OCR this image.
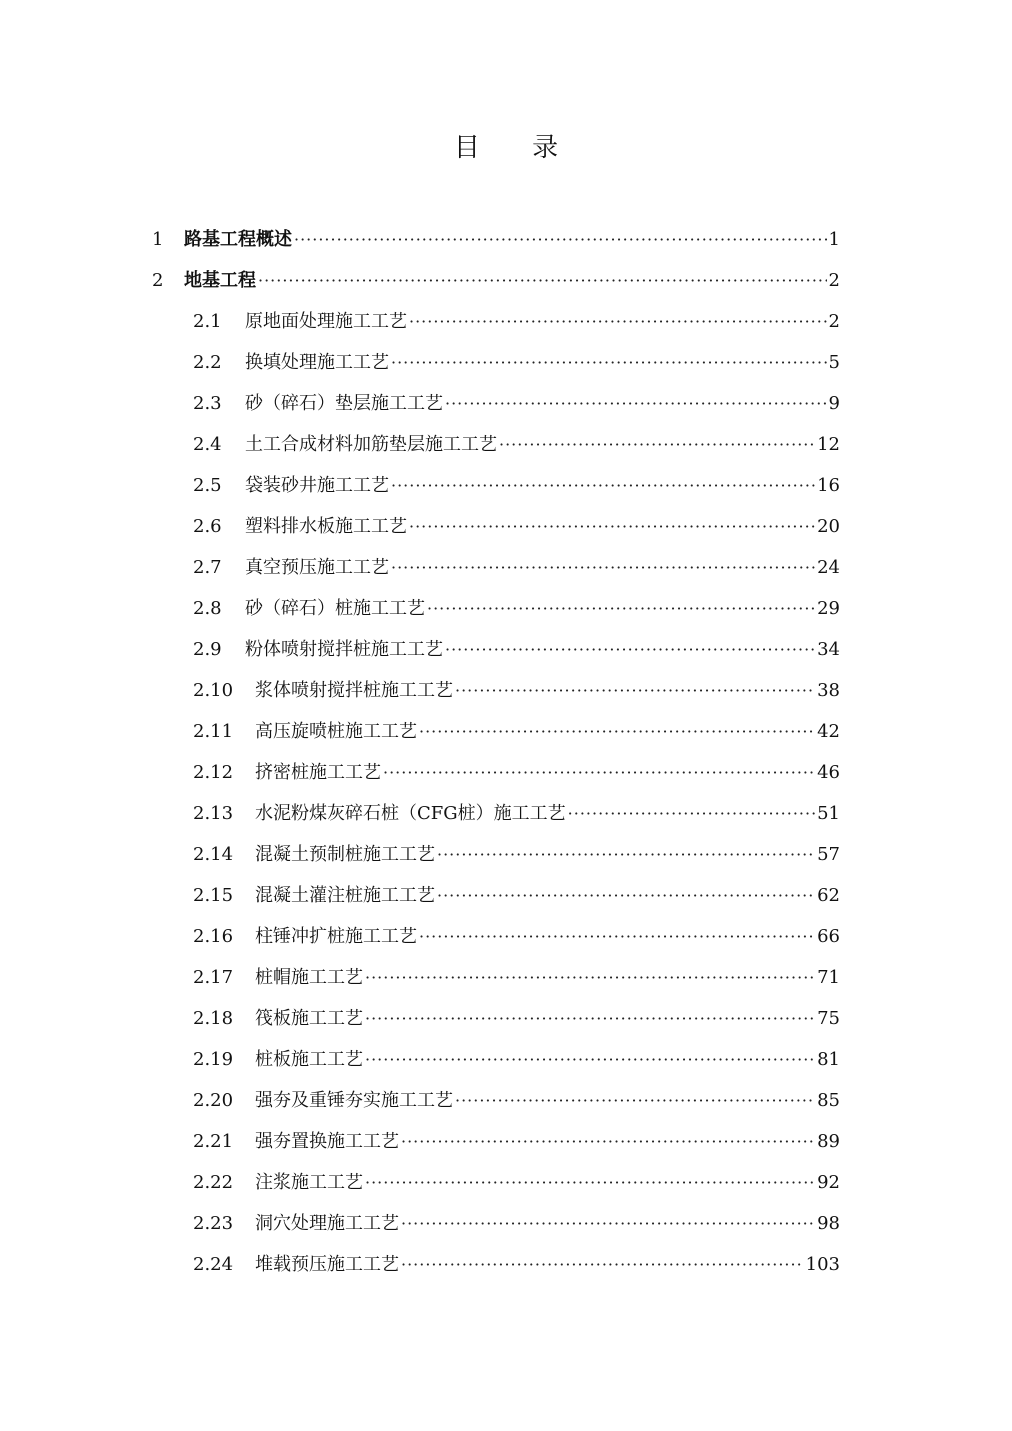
目 录
1	路基工程概述 ·····	1
2	地基工程 ·····	2
2.1	原地面处理施工工艺 ·····	2
2.2	换填处理施工工艺 ·····	5
2.3	砂（碎石）垫层施工工艺 ·····	9
2.4	土工合成材料加筋垫层施工工艺 ·····	12
2.5	袋装砂井施工工艺 ·····	16
2.6	塑料排水板施工工艺 ·····	20
2.7	真空预压施工工艺 ·····	24
2.8	砂（碎石）桩施工工艺 ·····	29
2.9	粉体喷射搅拌桩施工工艺 ·····	34
2.10	浆体喷射搅拌桩施工工艺 ·····	38
2.11	高压旋喷桩施工工艺 ·····	42
2.12	挤密桩施工工艺 ·····	46
2.13	水泥粉煤灰碎石桩（CFG桩）施工工艺 ·····	51
2.14	混凝土预制桩施工工艺 ·····	57
2.15	混凝土灌注桩施工工艺 ·····	62
2.16	柱锤冲扩桩施工工艺 ·····	66
2.17	桩帽施工工艺 ·····	71
2.18	筏板施工工艺 ·····	75
2.19	桩板施工工艺 ·····	81
2.20	强夯及重锤夯实施工工艺 ·····	85
2.21	强夯置换施工工艺 ·····	89
2.22	注浆施工工艺 ·····	92
2.23	洞穴处理施工工艺 ·····	98
2.24	堆载预压施工工艺 ·····	103
